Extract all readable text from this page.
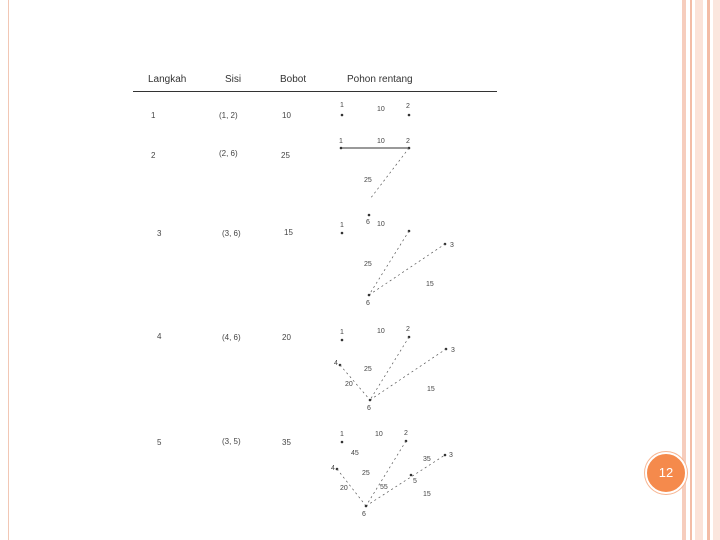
Langkah	Sisi	Bobot	Pohon rentang
1	(1, 2)	10
2	(2, 6)	25
3	(3, 6)	15
4	(4, 6)	20
5	(3, 5)	35
1	2
10
1	2
10
25
1	6 10
3
25
15
6
1	2
10
3
4
25
20
15
6
1	2
10
3
35
4
5
45
25
20	55
15
6
12
